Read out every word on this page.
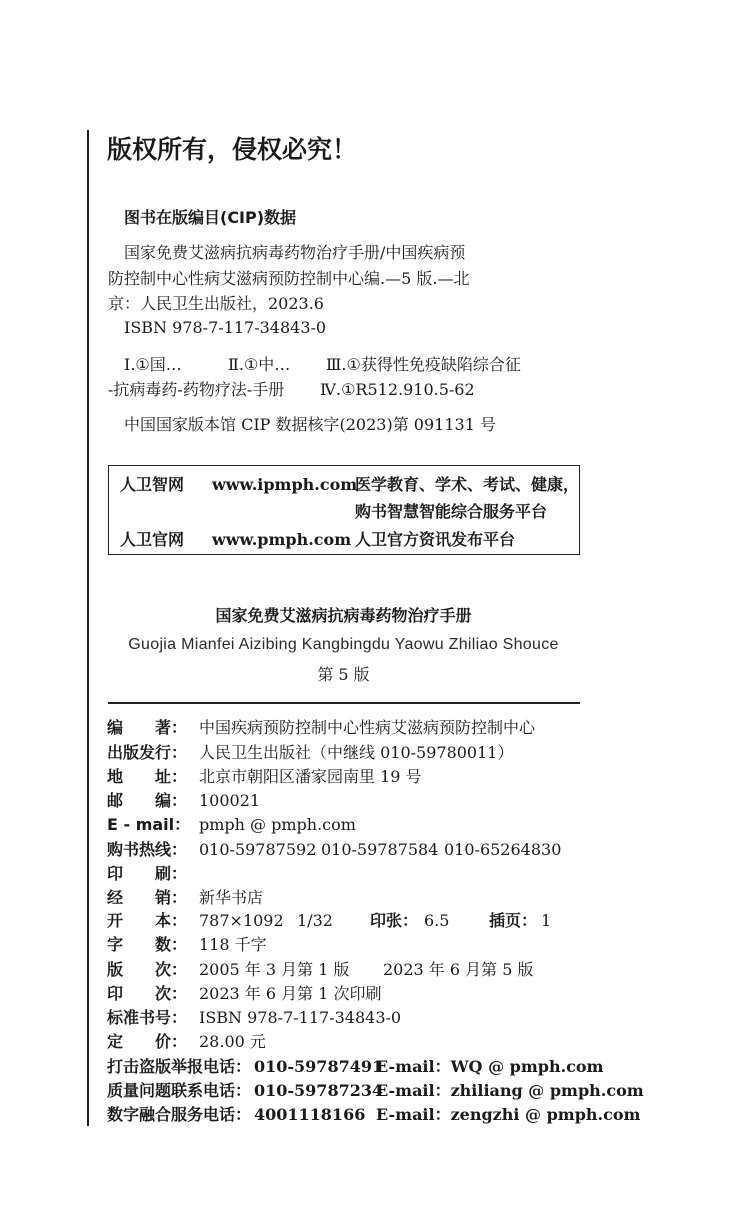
版权所有，侵权必究！
图书在版编目(CIP)数据
国家免费艾滋病抗病毒药物治疗手册/中国疾病预
防控制中心性病艾滋病预防控制中心编.—5 版.—北
京：人民卫生出版社，2023.6
ISBN 978-7-117-34843-0
Ⅰ.①国…	Ⅱ.①中… Ⅲ.①获得性免疫缺陷综合征
-抗病毒药-药物疗法-手册 Ⅳ.①R512.910.5-62
中国国家版本馆 CIP 数据核字(2023)第 091131 号
人卫智网 www.ipmph.com
医学教育、学术、考试、健康，
购书智慧智能综合服务平台
人卫官网 www.pmph.com 人卫官方资讯发布平台
国家免费艾滋病抗病毒药物治疗手册
Guojia Mianfei Aizibing Kangbingdu Yaowu Zhiliao Shouce
第 5 版
编　　著： 中国疾病预防控制中心性病艾滋病预防控制中心
出版发行： 人民卫生出版社（中继线 010-59780011）
地　　址： 北京市朝阳区潘家园南里 19 号
邮　　编： 100021
E - mail： pmph @ pmph.com
购书热线： 010-59787592 010-59787584 010-65264830
印　　刷：
经　　销： 新华书店
开　　本： 787×1092 1/32 印张： 6.5 插页： 1
字　　数： 118 千字
版　　次： 2005 年 3 月第 1 版 2023 年 6 月第 5 版
印　　次： 2023 年 6 月第 1 次印刷
标准书号： ISBN 978-7-117-34843-0
定　　价： 28.00 元
打击盗版举报电话： 010-59787491
E-mail：WQ @ pmph.com
质量问题联系电话： 010-59787234
E-mail：zhiliang @ pmph.com
数字融合服务电话： 4001118166 E-mail：zengzhi @ pmph.com
